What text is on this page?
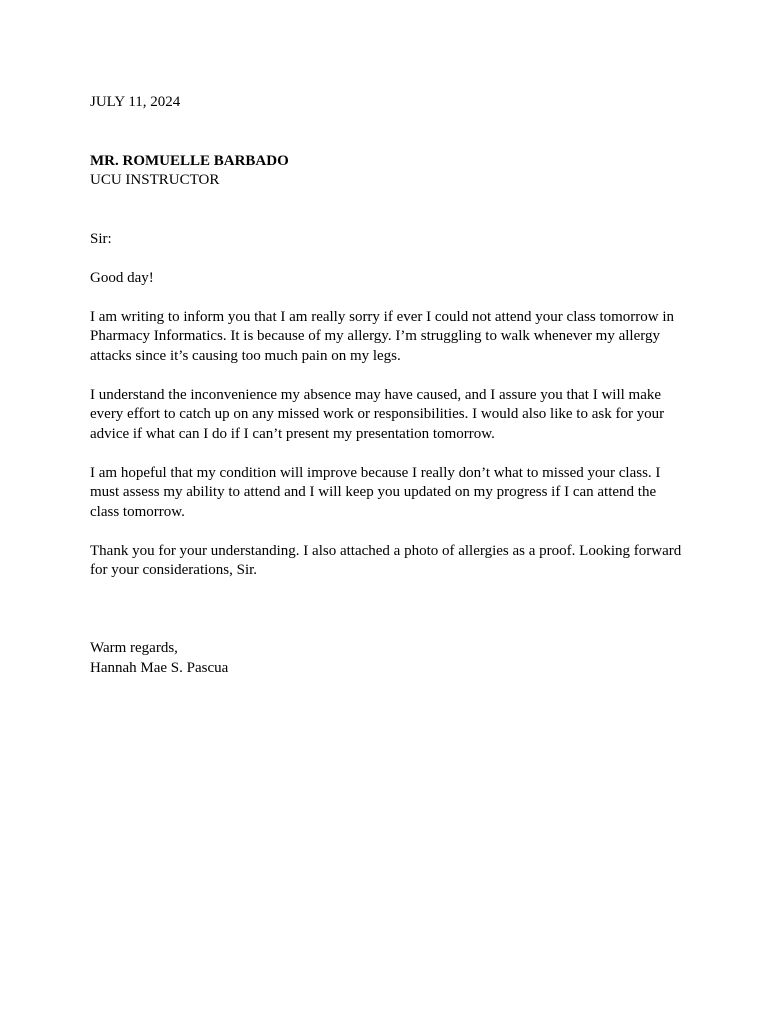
JULY 11, 2024

MR. ROMUELLE BARBADO

UCU INSTRUCTOR

Sir:

Good day!

I am writing to inform you that I am really sorry if ever I could not attend your class tomorrow in Pharmacy Informatics. It is because of my allergy. I’m struggling to walk whenever my allergy attacks since it’s causing too much pain on my legs.

I understand the inconvenience my absence may have caused, and I assure you that I will make every effort to catch up on any missed work or responsibilities. I would also like to ask for your advice if what can I do if I can’t present my presentation tomorrow.

I am hopeful that my condition will improve because I really don’t what to missed your class. I must assess my ability to attend and I will keep you updated on my progress if I can attend the class tomorrow.

Thank you for your understanding. I also attached a photo of allergies as a proof. Looking forward for your considerations, Sir.

Warm regards,

Hannah Mae S. Pascua
